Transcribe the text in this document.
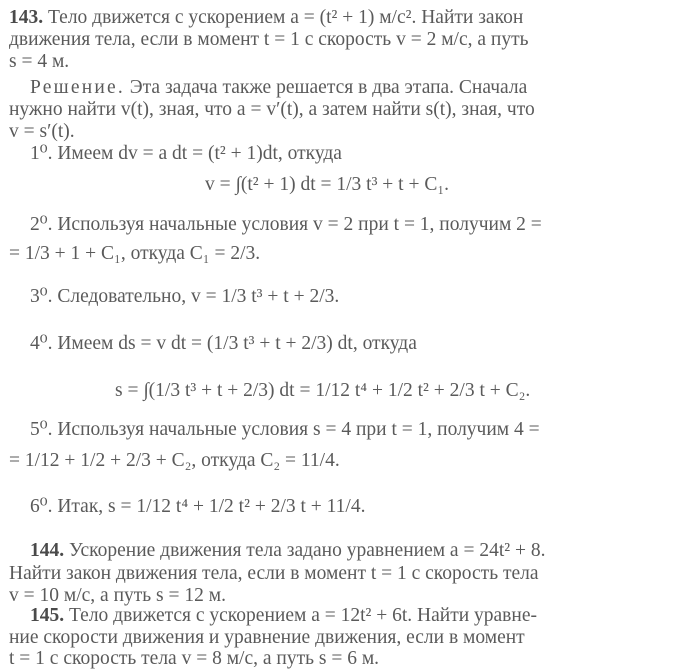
143. Тело движется с ускорением a = (t² + 1) м/с². Найти закон
движения тела, если в момент t = 1 с скорость v = 2 м/с, а путь
s = 4 м.
Решение. Эта задача также решается в два этапа. Сначала
нужно найти v(t), зная, что a = v′(t), а затем найти s(t), зная, что
v = s′(t).
1⁰. Имеем dv = a dt = (t² + 1)dt, откуда
v = ∫(t² + 1) dt = 1/3 t³ + t + C₁.
2⁰. Используя начальные условия v = 2 при t = 1, получим 2 =
= 1/3 + 1 + C₁, откуда C₁ = 2/3.
3⁰. Следовательно, v = 1/3 t³ + t + 2/3.
4⁰. Имеем ds = v dt = (1/3 t³ + t + 2/3) dt, откуда
s = ∫(1/3 t³ + t + 2/3) dt = 1/12 t⁴ + 1/2 t² + 2/3 t + C₂.
5⁰. Используя начальные условия s = 4 при t = 1, получим 4 =
= 1/12 + 1/2 + 2/3 + C₂, откуда C₂ = 11/4.
6⁰. Итак, s = 1/12 t⁴ + 1/2 t² + 2/3 t + 11/4.
144. Ускорение движения тела задано уравнением a = 24t² + 8.
Найти закон движения тела, если в момент t = 1 с скорость тела
v = 10 м/с, а путь s = 12 м.
145. Тело движется с ускорением a = 12t² + 6t. Найти уравне-
ние скорости движения и уравнение движения, если в момент
t = 1 с скорость тела v = 8 м/с, а путь s = 6 м.
